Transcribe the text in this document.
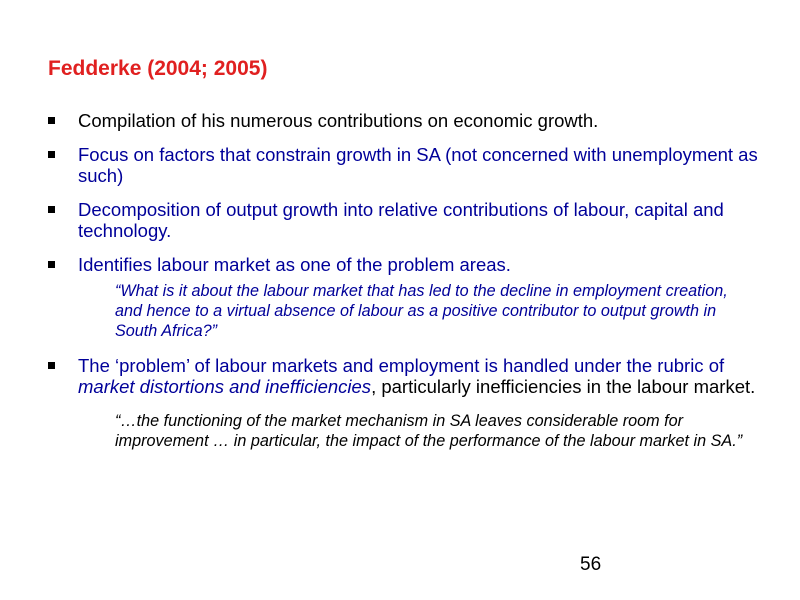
Fedderke (2004; 2005)
Compilation of his numerous contributions on economic growth.
Focus on factors that constrain growth in SA (not concerned with unemployment as such)
Decomposition of output growth into relative contributions of labour, capital and technology.
Identifies labour market as one of the problem areas.
“What is it about the labour market that has led to the decline in employment creation, and hence to a virtual absence of labour as a positive contributor to output growth in South Africa?”
The ‘problem’ of labour markets and employment is handled under the rubric of market distortions and inefficiencies, particularly inefficiencies in the labour market.
“…the functioning of the market mechanism in SA leaves considerable room for improvement … in particular, the impact of the performance of the labour market in SA.”
56
